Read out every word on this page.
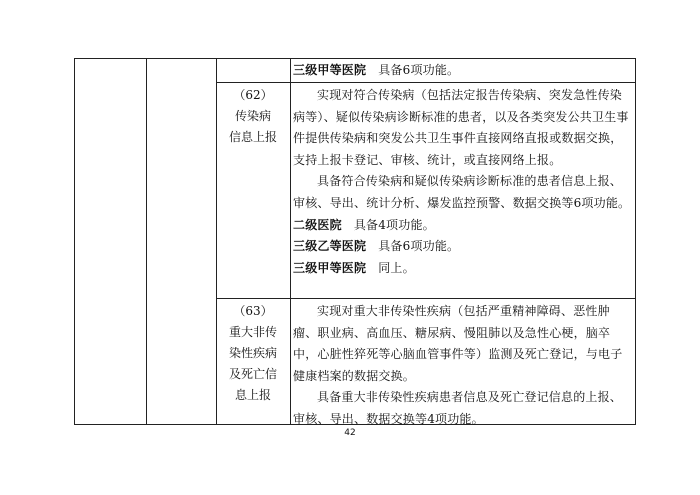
三级甲等医院 具备6项功能。

（62）
传染病
信息上报

实现对符合传染病（包括法定报告传染病、突发急性传染病等）、疑似传染病诊断标准的患者，以及各类突发公共卫生事件提供传染病和突发公共卫生事件直接网络直报或数据交换，支持上报卡登记、审核、统计，或直接网络上报。

具备符合传染病和疑似传染病诊断标准的患者信息上报、审核、导出、统计分析、爆发监控预警、数据交换等6项功能。

二级医院 具备4项功能。

三级乙等医院 具备6项功能。

三级甲等医院 同上。

（63）
重大非传
染性疾病
及死亡信
息上报

实现对重大非传染性疾病（包括严重精神障碍、恶性肿瘤、职业病、高血压、糖尿病、慢阻肺以及急性心梗，脑卒中，心脏性猝死等心脑血管事件等）监测及死亡登记，与电子健康档案的数据交换。

具备重大非传染性疾病患者信息及死亡登记信息的上报、审核、导出、数据交换等4项功能。

42
